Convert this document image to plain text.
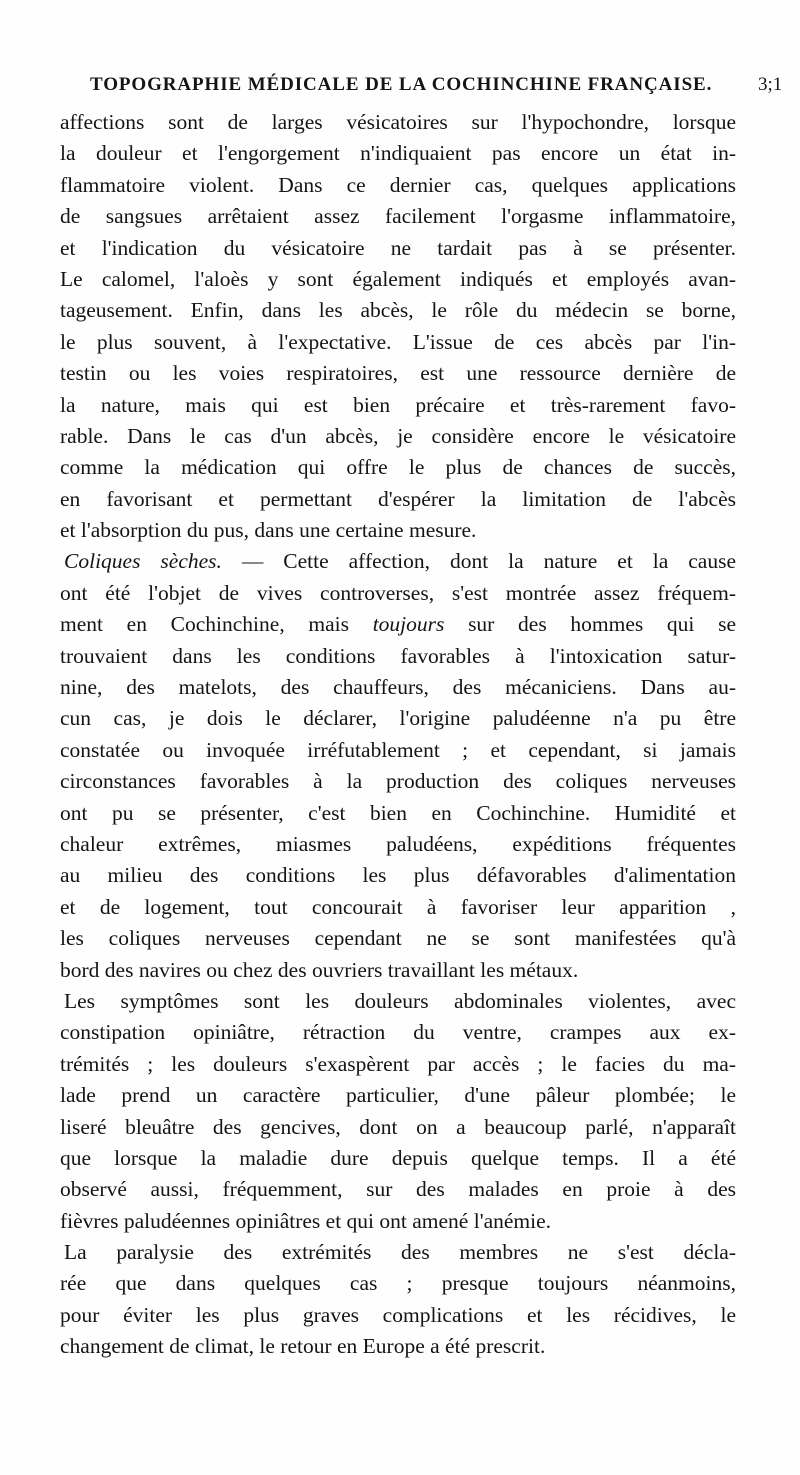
TOPOGRAPHIE MÉDICALE DE LA COCHINCHINE FRANÇAISE. 3;1
affections sont de larges vésicatoires sur l'hypochondre, lorsque
la douleur et l'engorgement n'indiquaient pas encore un état in-
flammatoire violent. Dans ce dernier cas, quelques applications
de sangsues arrêtaient assez facilement l'orgasme inflammatoire,
et l'indication du vésicatoire ne tardait pas à se présenter.
Le calomel, l'aloès y sont également indiqués et employés avan-
tageusement. Enfin, dans les abcès, le rôle du médecin se borne,
le plus souvent, à l'expectative. L'issue de ces abcès par l'in-
testin ou les voies respiratoires, est une ressource dernière de
la nature, mais qui est bien précaire et très-rarement favo-
rable. Dans le cas d'un abcès, je considère encore le vésicatoire
comme la médication qui offre le plus de chances de succès,
en favorisant et permettant d'espérer la limitation de l'abcès
et l'absorption du pus, dans une certaine mesure.
Coliques sèches. — Cette affection, dont la nature et la cause
ont été l'objet de vives controverses, s'est montrée assez fréquem-
ment en Cochinchine, mais toujours sur des hommes qui se
trouvaient dans les conditions favorables à l'intoxication satur-
nine, des matelots, des chauffeurs, des mécaniciens. Dans au-
cun cas, je dois le déclarer, l'origine paludéenne n'a pu être
constatée ou invoquée irréfutablement ; et cependant, si jamais
circonstances favorables à la production des coliques nerveuses
ont pu se présenter, c'est bien en Cochinchine. Humidité et
chaleur extrêmes, miasmes paludéens, expéditions fréquentes
au milieu des conditions les plus défavorables d'alimentation
et de logement, tout concourait à favoriser leur apparition ,
les coliques nerveuses cependant ne se sont manifestées qu'à
bord des navires ou chez des ouvriers travaillant les métaux.
Les symptômes sont les douleurs abdominales violentes, avec
constipation opiniâtre, rétraction du ventre, crampes aux ex-
trémités ; les douleurs s'exaspèrent par accès ; le facies du ma-
lade prend un caractère particulier, d'une pâleur plombée; le
liseré bleuâtre des gencives, dont on a beaucoup parlé, n'apparaît
que lorsque la maladie dure depuis quelque temps. Il a été
observé aussi, fréquemment, sur des malades en proie à des
fièvres paludéennes opiniâtres et qui ont amené l'anémie.
La paralysie des extrémités des membres ne s'est décla-
rée que dans quelques cas ; presque toujours néanmoins,
pour éviter les plus graves complications et les récidives, le
changement de climat, le retour en Europe a été prescrit.
